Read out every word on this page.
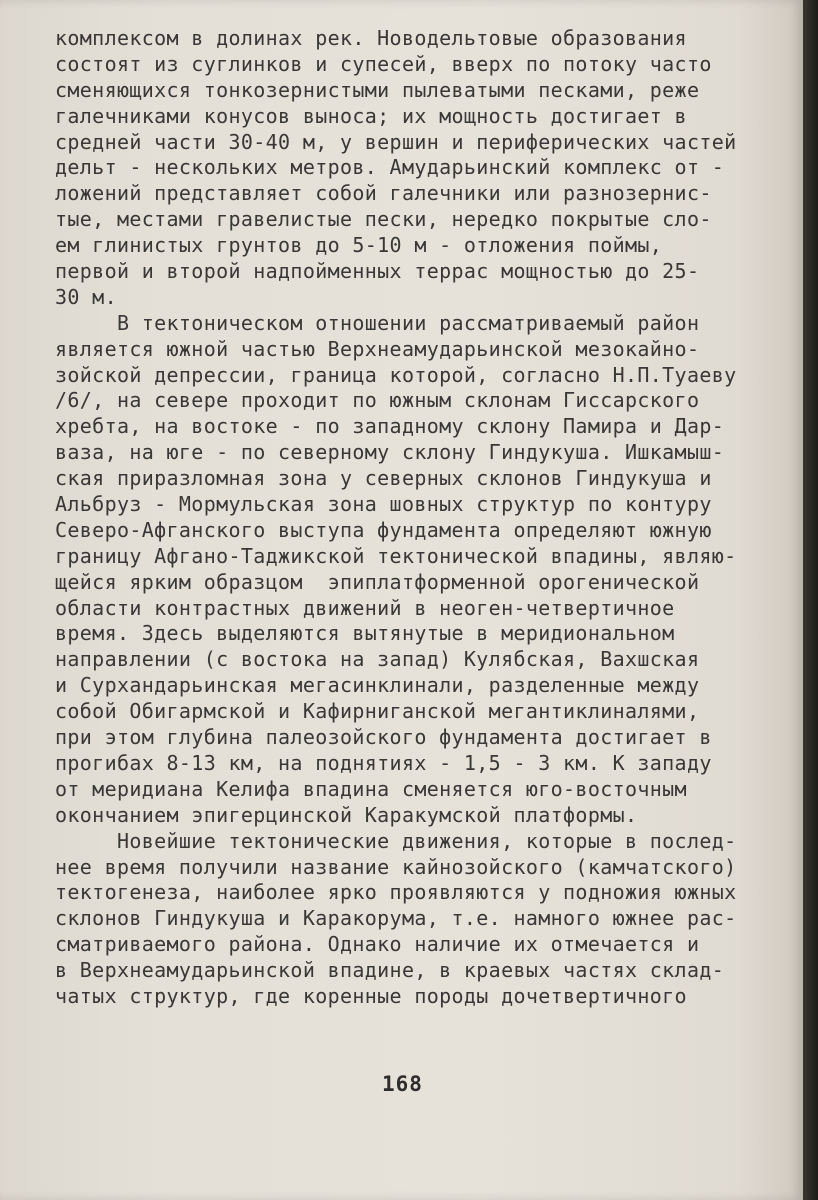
комплексом в долинах рек. Новодельтовые образования
состоят из суглинков и супесей, вверх по потоку часто
сменяющихся тонкозернистыми пылеватыми песками, реже
галечниками конусов выноса; их мощность достигает в
средней части 30-40 м, у вершин и периферических частей
дельт - нескольких метров. Амударьинский комплекс от -
ложений представляет собой галечники или разнозернис-
тые, местами гравелистые пески, нередко покрытые сло-
ем глинистых грунтов до 5-10 м - отложения поймы,
первой и второй надпойменных террас мощностью до 25-
30 м.
В тектоническом отношении рассматриваемый район
является южной частью Верхнеамударьинской мезокайно-
зойской депрессии, граница которой, согласно Н.П.Туаеву
/6/, на севере проходит по южным склонам Гиссарского
хребта, на востоке - по западному склону Памира и Дар-
ваза, на юге - по северному склону Гиндукуша. Ишкамыш-
ская приразломная зона у северных склонов Гиндукуша и
Альбруз - Мормульская зона шовных структур по контуру
Северо-Афганского выступа фундамента определяют южную
границу Афгано-Таджикской тектонической впадины, являю-
щейся ярким образцом  эпиплатформенной орогенической
области контрастных движений в неоген-четвертичное
время. Здесь выделяются вытянутые в меридиональном
направлении (с востока на запад) Кулябская, Вахшская
и Сурхандарьинская мегасинклинали, разделенные между
собой Обигармской и Кафирниганской мегантиклиналями,
при этом глубина палеозойского фундамента достигает в
прогибах 8-13 км, на поднятиях - 1,5 - 3 км. К западу
от меридиана Келифа впадина сменяется юго-восточным
окончанием эпигерцинской Каракумской платформы.
Новейшие тектонические движения, которые в послед-
нее время получили название кайнозойского (камчатского)
тектогенеза, наиболее ярко проявляются у подножия южных
склонов Гиндукуша и Каракорума, т.е. намного южнее рас-
сматриваемого района. Однако наличие их отмечается и
в Верхнеамударьинской впадине, в краевых частях склад-
чатых структур, где коренные породы дочетвертичного
168
